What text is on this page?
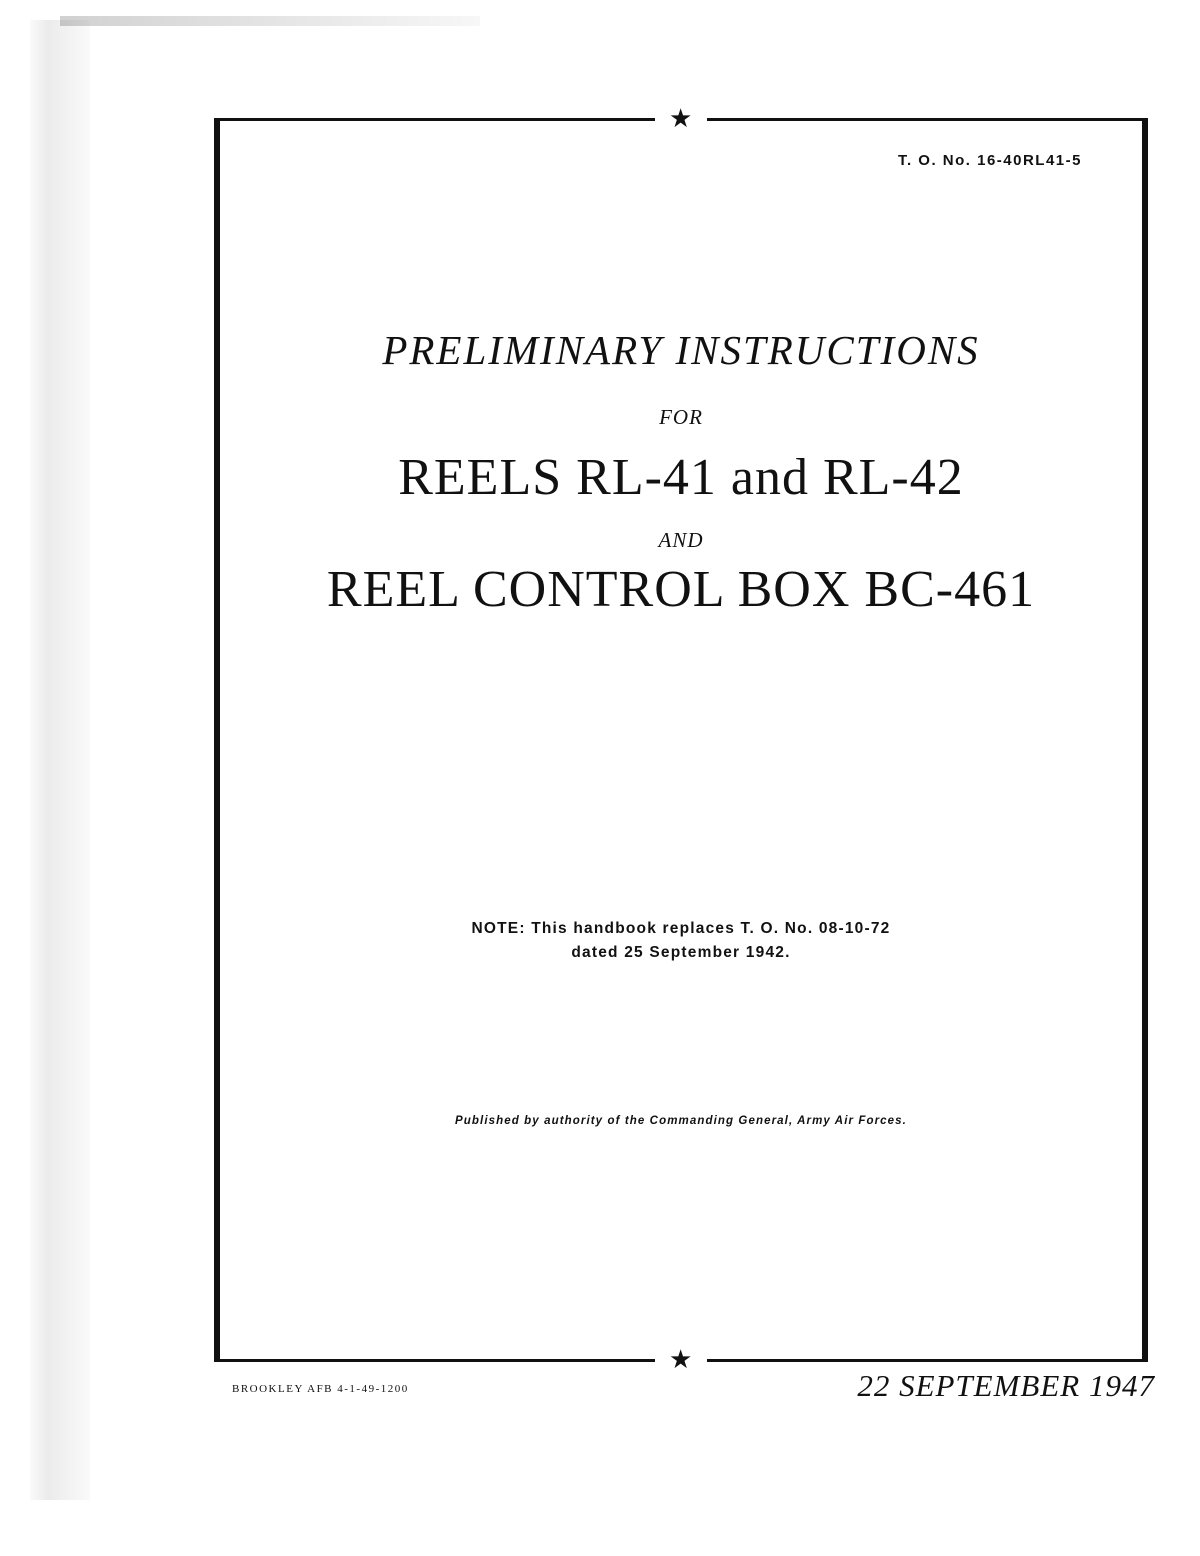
★
★
T. O. No. 16-40RL41-5
PRELIMINARY INSTRUCTIONS
FOR
REELS RL-41 and RL-42
AND
REEL CONTROL BOX BC-461
NOTE: This handbook replaces T. O. No. 08-10-72
dated 25 September 1942.
Published by authority of the Commanding General, Army Air Forces.
BROOKLEY AFB 4-1-49-1200	22 SEPTEMBER 1947
